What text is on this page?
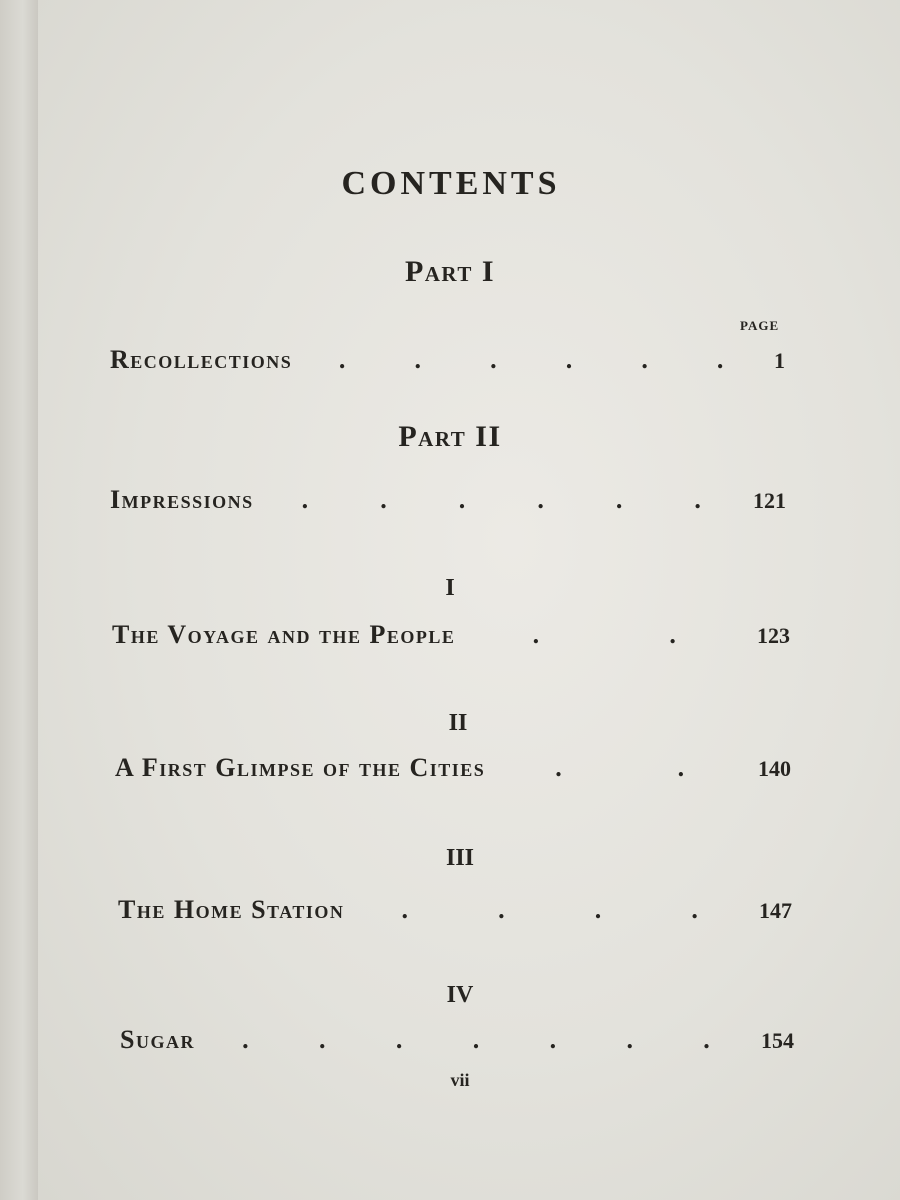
CONTENTS
Part I
PAGE
Recollections .	.	.	.	.	. 1
Part II
Impressions .	.	.	.	.	. 121
I
The Voyage and the People	.	.	123
II
A First Glimpse of the Cities	.	.	140
III
The Home Station .	.	.	.	147
IV
Sugar .	.	.	.	.	.	. 154
vii
